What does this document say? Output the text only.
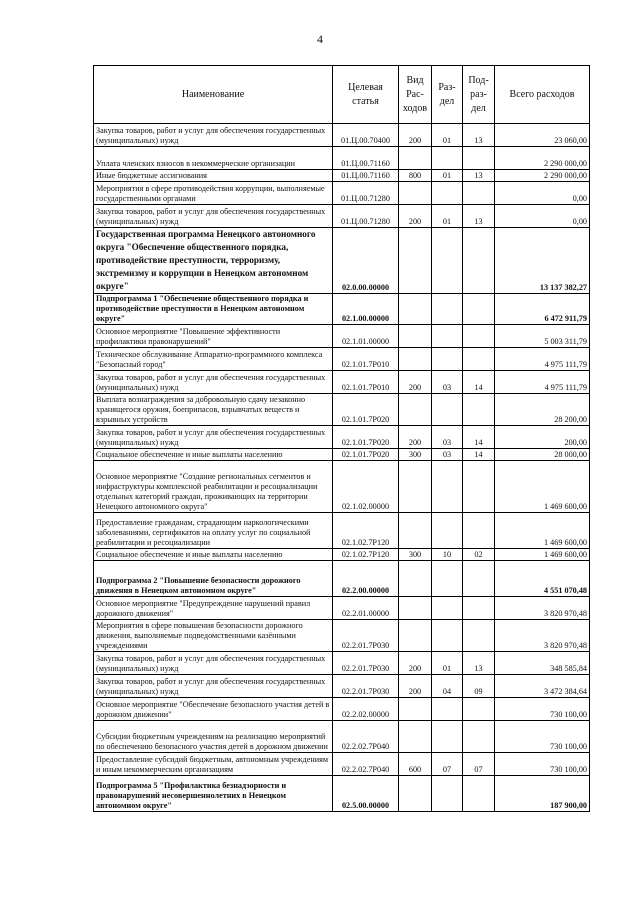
4
Наименование	Целевая статья	Вид Рас-ходов	Раз-дел	Под-раз-дел	Всего расходов
Закупка товаров, работ и услуг для обеспечения государственных (муниципальных) нужд	01.Ц.00.70400	200	01	13	23 060,00
Уплата членских взносов в некоммерческие организации	01.Ц.00.71160				2 290 000,00
Иные бюджетные ассигнования	01.Ц.00.71160	800	01	13	2 290 000,00
Мероприятия в сфере противодействия коррупции, выполняемые государственными органами	01.Ц.00.71280				0,00
Закупка товаров, работ и услуг для обеспечения государственных (муниципальных) нужд	01.Ц.00.71280	200	01	13	0,00
Государственная программа Ненецкого автономного округа "Обеспечение общественного порядка, противодействие преступности, терроризму, экстремизму и коррупции в Ненецком автономном округе"	02.0.00.00000				13 137 382,27
Подпрограмма 1 "Обеспечение общественного порядка и противодействие преступности в Ненецком автономном округе"	02.1.00.00000				6 472 911,79
Основное мероприятие "Повышение эффективности профилактики правонарушений"	02.1.01.00000				5 003 311,79
Техническое обслуживание Аппаратно-программного комплекса "Безопасный город"	02.1.01.7Р010				4 975 111,79
Закупка товаров, работ и услуг для обеспечения государственных (муниципальных) нужд	02.1.01.7Р010	200	03	14	4 975 111,79
Выплата вознаграждения за добровольную сдачу незаконно хранящегося оружия, боеприпасов, взрывчатых веществ и взрывных устройств	02.1.01.7Р020				28 200,00
Закупка товаров, работ и услуг для обеспечения государственных (муниципальных) нужд	02.1.01.7Р020	200	03	14	200,00
Социальное обеспечение и иные выплаты населению	02.1.01.7Р020	300	03	14	28 000,00
Основное мероприятие "Создание региональных сегментов и инфраструктуры комплексной реабилитации и ресоциализации отдельных категорий граждан, проживающих на территории Ненецкого автономного округа"	02.1.02.00000				1 469 600,00
Предоставление гражданам, страдающим наркологическими заболеваниями, сертификатов на оплату услуг по социальной реабилитации и ресоциализации	02.1.02.7Р120				1 469 600,00
Социальное обеспечение и иные выплаты населению	02.1.02.7Р120	300	10	02	1 469 600,00
Подпрограмма 2 "Повышение безопасности дорожного движения в Ненецком автономном округе"	02.2.00.00000				4 551 070,48
Основное мероприятие "Предупреждение нарушений правил дорожного движения"	02.2.01.00000				3 820 970,48
Мероприятия в сфере повышения безопасности дорожного движения, выполняемые подведомственными казёнными учреждениями	02.2.01.7Р030				3 820 970,48
Закупка товаров, работ и услуг для обеспечения государственных (муниципальных) нужд	02.2.01.7Р030	200	01	13	348 585,84
Закупка товаров, работ и услуг для обеспечения государственных (муниципальных) нужд	02.2.01.7Р030	200	04	09	3 472 384,64
Основное мероприятие "Обеспечение безопасного участия детей в дорожном движении"	02.2.02.00000				730 100,00
Субсидии бюджетным учреждениям на реализацию мероприятий по обеспечению безопасного участия детей в дорожном движении	02.2.02.7Р040				730 100,00
Предоставление субсидий бюджетным, автономным учреждениям и иным некоммерческим организациям	02.2.02.7Р040	600	07	07	730 100,00
Подпрограмма 5 "Профилактика безнадзорности и правонарушений несовершеннолетних в Ненецком автономном округе"	02.5.00.00000				187 900,00
